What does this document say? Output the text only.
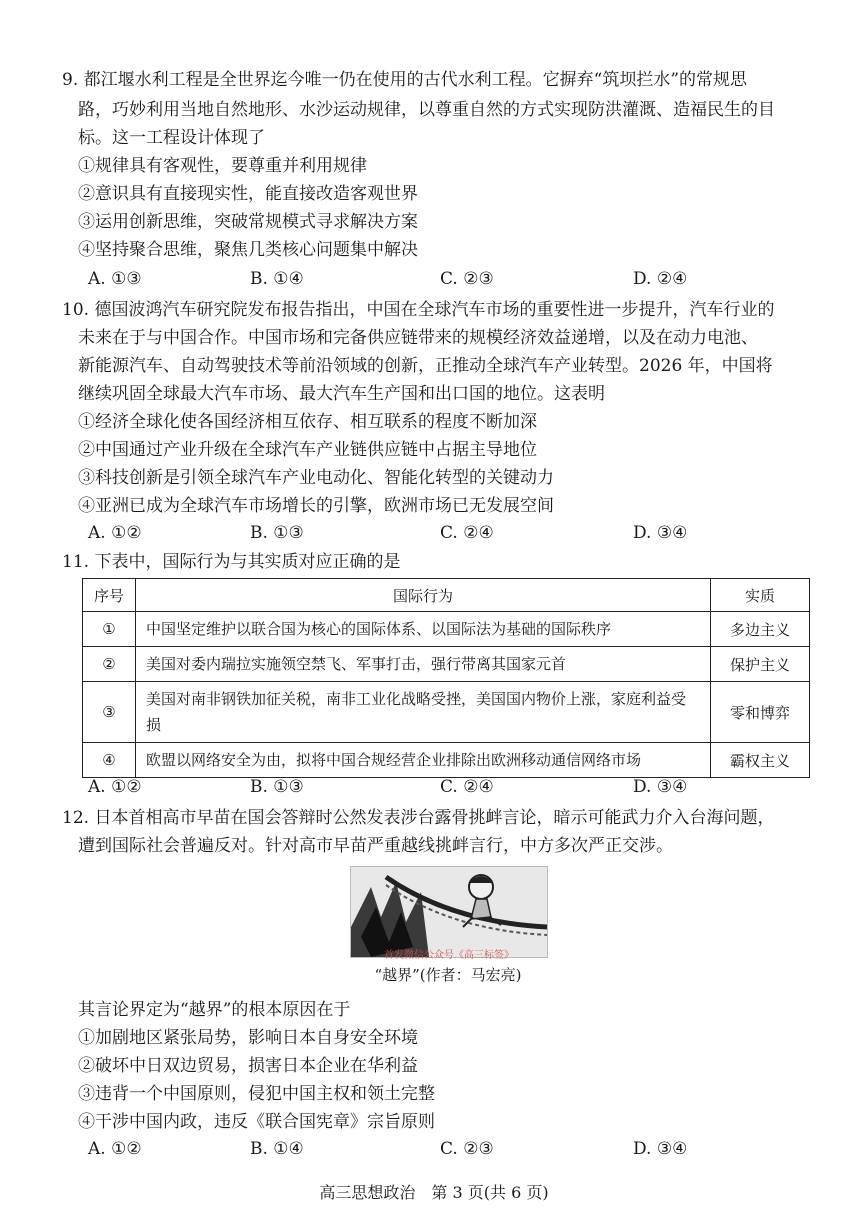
9. 都江堰水利工程是全世界迄今唯一仍在使用的古代水利工程。它摒弃“筑坝拦水”的常规思
路，巧妙利用当地自然地形、水沙运动规律，以尊重自然的方式实现防洪灌溉、造福民生的目
标。这一工程设计体现了
①规律具有客观性，要尊重并利用规律
②意识具有直接现实性，能直接改造客观世界
③运用创新思维，突破常规模式寻求解决方案
④坚持聚合思维，聚焦几类核心问题集中解决
A. ①③	B. ①④	C. ②③	D. ②④
10. 德国波鸿汽车研究院发布报告指出，中国在全球汽车市场的重要性进一步提升，汽车行业的
未来在于与中国合作。中国市场和完备供应链带来的规模经济效益递增，以及在动力电池、
新能源汽车、自动驾驶技术等前沿领域的创新，正推动全球汽车产业转型。2026 年，中国将
继续巩固全球最大汽车市场、最大汽车生产国和出口国的地位。这表明
①经济全球化使各国经济相互依存、相互联系的程度不断加深
②中国通过产业升级在全球汽车产业链供应链中占据主导地位
③科技创新是引领全球汽车产业电动化、智能化转型的关键动力
④亚洲已成为全球汽车市场增长的引擎，欧洲市场已无发展空间
A. ①②	B. ①③	C. ②④	D. ③④
11. 下表中，国际行为与其实质对应正确的是
序号	国际行为	实质
①	中国坚定维护以联合国为核心的国际体系、以国际法为基础的国际秩序	多边主义
②	美国对委内瑞拉实施领空禁飞、军事打击，强行带离其国家元首	保护主义
③	美国对南非钢铁加征关税，南非工业化战略受挫，美国国内物价上涨，家庭利益受损	零和博弈
④	欧盟以网络安全为由，拟将中国合规经营企业排除出欧洲移动通信网络市场	霸权主义
A. ①②	B. ①③	C. ②④	D. ③④
12. 日本首相高市早苗在国会答辩时公然发表涉台露骨挑衅言论，暗示可能武力介入台海问题，
遭到国际社会普遍反对。针对高市早苗严重越线挑衅言行，中方多次严正交涉。
首发微信公众号《高三标签》
“越界”(作者：马宏亮)
其言论界定为“越界”的根本原因在于
①加剧地区紧张局势，影响日本自身安全环境
②破坏中日双边贸易，损害日本企业在华利益
③违背一个中国原则，侵犯中国主权和领土完整
④干涉中国内政，违反《联合国宪章》宗旨原则
A. ①②	B. ①④	C. ②③	D. ③④
高三思想政治　第 3 页(共 6 页)
